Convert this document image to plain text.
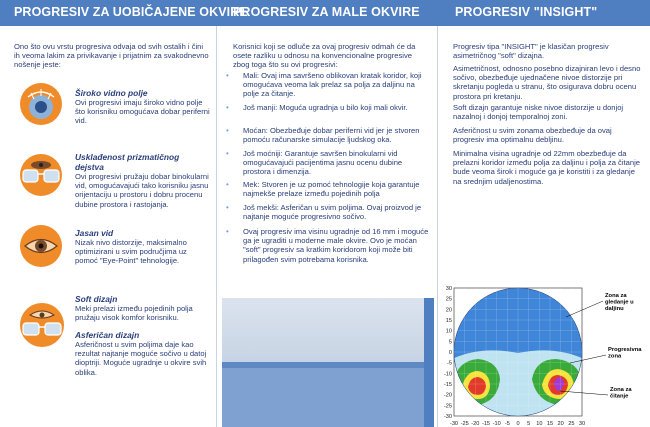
PROGRESIV ZA UOBIČAJENE OKVIRE
PROGRESIV ZA MALE OKVIRE	PROGRESIV "INSIGHT"

Ono što ovu vrstu progresiva odvaja od svih ostalih i čini ih veoma lakim za privikavanje i prijatnim za svakodnevno nošenje jeste:

Široko vidno polje
Ovi progresivi imaju široko vidno polje što korisniku omogućava dobar periferni vid.
Usklađenost prizmatičnog dejstva
Ovi progresivi pružaju dobar binokularni vid, omogućavajući tako korisniku jasnu orijentaciju u prostoru i dobru procenu dubine prostora i rastojanja.
Jasan vid
Nizak nivo distorzije, maksimalno optimizirani u svim područjima uz pomoć "Eye-Point" tehnologije.
Soft dizajn
Meki prelazi između pojedinih polja pružaju visok komfor korisniku.
Asferičan dizajn
Asferičnost u svim poljima daje kao rezultat najtanje moguće sočivo u datoj dioptriji. Moguće ugradnje u okvire svih oblika.

Korisnici koji se odluče za ovaj progresiv odmah će da osete razliku u odnosu na konvencionalne progresive zbog toga što su ovi progresivi:

•	Mali: Ovaj ima savršeno oblikovan kratak koridor, koji omogućava veoma lak prelaz sa polja za daljinu na polje za čitanje.

•	Još manji: Moguća ugradnja u bilo koji mali okvir.

•	Moćan: Obezbeđuje dobar periferni vid jer je stvoren pomoću računarske simulacije ljudskog oka.

•	Još moćniji: Garantuje savršen binokularni vid omogućavajući pacijentima jasnu ocenu dubine prostora i dimenzija.

•	Mek: Stvoren je uz pomoć tehnologije koja garantuje najmekše prelaze između pojedinih polja

•	Još mekši: Asferičan u svim poljima. Ovaj proizvod je najtanje moguće progresivno sočivo.

•	Ovaj progresiv ima visinu ugradnje od 16 mm i moguće ga je ugraditi u moderne male okvire. Ovo je moćan "soft" progresiv sa kratkim koridorom koji može biti prilagođen svim potrebama korisnika.

Progresiv tipa "INSIGHT" je klasičan progresiv asimetričnog "soft" dizajna.

Asimetričnost, odnosno posebno dizajniran levo i desno sočivo, obezbeđuje ujednačene nivoe distorzije pri skretanju pogleda u stranu, što osigurava dobru ocenu prostora pri kretanju.

Soft dizajn garantuje niske nivoe distorzije u donjoj nazalnoj i donjoj temporalnoj zoni.

Asferičnost u svim zonama obezbeđuje da ovaj progresiv ima optimalnu debljinu.

Minimalna visina ugradnje od 22mm obezbeđuje da prelazni koridor između polja za daljinu i polja za čitanje bude veoma širok i moguće ga je koristiti i za gledanje na srednjim udaljenostima.

-30 -25 -20 -15 -10 -5 0 5 10 15 20 25 30
30
25
20
15
10
5
0
-5
-10
-15
-20
-25
-30
Zona za gledanje u daljinu
Progresivna zona
Zona za čitanje
